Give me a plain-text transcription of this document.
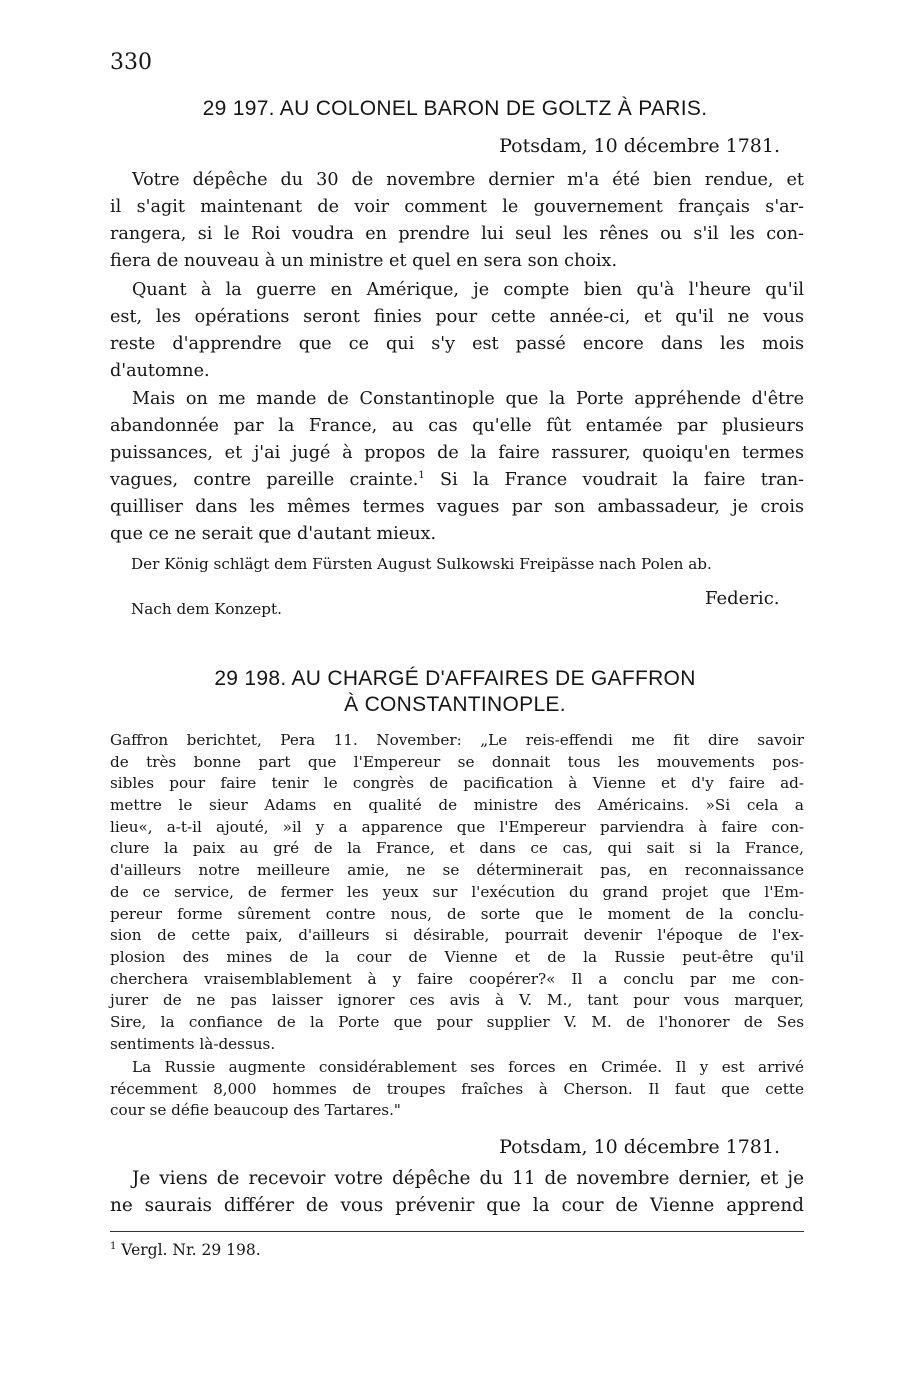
330
29 197. AU COLONEL BARON DE GOLTZ À PARIS.
Potsdam, 10 décembre 1781.
Votre dépêche du 30 de novembre dernier m'a été bien rendue, et
il s'agit maintenant de voir comment le gouvernement français s'ar-
rangera, si le Roi voudra en prendre lui seul les rênes ou s'il les con-
fiera de nouveau à un ministre et quel en sera son choix.
Quant à la guerre en Amérique, je compte bien qu'à l'heure qu'il
est, les opérations seront finies pour cette année-ci, et qu'il ne vous
reste d'apprendre que ce qui s'y est passé encore dans les mois
d'automne.
Mais on me mande de Constantinople que la Porte appréhende d'être
abandonnée par la France, au cas qu'elle fût entamée par plusieurs
puissances, et j'ai jugé à propos de la faire rassurer, quoiqu'en termes
vagues, contre pareille crainte.$^1$ Si la France voudrait la faire tran-
quilliser dans les mêmes termes vagues par son ambassadeur, je crois
que ce ne serait que d'autant mieux.
Der König schlägt dem Fürsten August Sulkowski Freipässe nach Polen ab.
Nach dem Konzept.	Federic.
29 198. AU CHARGÉ D'AFFAIRES DE GAFFRON
À CONSTANTINOPLE.
Gaffron berichtet, Pera 11. November: „Le reis-effendi me fit dire savoir
de très bonne part que l'Empereur se donnait tous les mouvements pos-
sibles pour faire tenir le congrès de pacification à Vienne et d'y faire ad-
mettre le sieur Adams en qualité de ministre des Américains. »Si cela a
lieu«, a-t-il ajouté, »il y a apparence que l'Empereur parviendra à faire con-
clure la paix au gré de la France, et dans ce cas, qui sait si la France,
d'ailleurs notre meilleure amie, ne se déterminerait pas, en reconnaissance
de ce service, de fermer les yeux sur l'exécution du grand projet que l'Em-
pereur forme sûrement contre nous, de sorte que le moment de la conclu-
sion de cette paix, d'ailleurs si désirable, pourrait devenir l'époque de l'ex-
plosion des mines de la cour de Vienne et de la Russie peut-être qu'il
cherchera vraisemblablement à y faire coopérer?« Il a conclu par me con-
jurer de ne pas laisser ignorer ces avis à V. M., tant pour vous marquer,
Sire, la confiance de la Porte que pour supplier V. M. de l'honorer de Ses
sentiments là-dessus.
La Russie augmente considérablement ses forces en Crimée. Il y est arrivé
récemment 8,000 hommes de troupes fraîches à Cherson. Il faut que cette
cour se défie beaucoup des Tartares."
Potsdam, 10 décembre 1781.
Je viens de recevoir votre dépêche du 11 de novembre dernier, et je
ne saurais différer de vous prévenir que la cour de Vienne apprend
$^1$ Vergl. Nr. 29 198.
